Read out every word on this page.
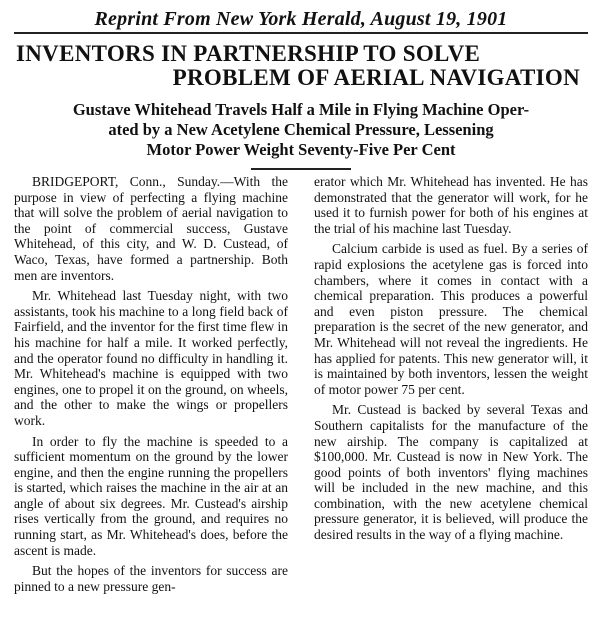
Reprint From New York Herald, August 19, 1901
INVENTORS IN PARTNERSHIP TO SOLVE
PROBLEM OF AERIAL NAVIGATION
Gustave Whitehead Travels Half a Mile in Flying Machine Oper-
ated by a New Acetylene Chemical Pressure, Lessening
Motor Power Weight Seventy-Five Per Cent

BRIDGEPORT, Conn., Sunday.—With the purpose in view of perfecting a flying machine that will solve the problem of aerial navigation to the point of commercial success, Gustave Whitehead, of this city, and W. D. Custead, of Waco, Texas, have formed a partnership. Both men are inventors.

Mr. Whitehead last Tuesday night, with two assistants, took his machine to a long field back of Fairfield, and the inventor for the first time flew in his machine for half a mile. It worked perfectly, and the operator found no difficulty in handling it. Mr. Whitehead's machine is equipped with two engines, one to propel it on the ground, on wheels, and the other to make the wings or propellers work.

In order to fly the machine is speeded to a sufficient momentum on the ground by the lower engine, and then the engine running the propellers is started, which raises the machine in the air at an angle of about six degrees. Mr. Custead's airship rises vertically from the ground, and requires no running start, as Mr. Whitehead's does, before the ascent is made.

But the hopes of the inventors for success are pinned to a new pressure gen-

erator which Mr. Whitehead has invented. He has demonstrated that the generator will work, for he used it to furnish power for both of his engines at the trial of his machine last Tuesday.

Calcium carbide is used as fuel. By a series of rapid explosions the acetylene gas is forced into chambers, where it comes in contact with a chemical preparation. This produces a powerful and even piston pressure. The chemical preparation is the secret of the new generator, and Mr. Whitehead will not reveal the ingredients. He has applied for patents. This new generator will, it is maintained by both inventors, lessen the weight of motor power 75 per cent.

Mr. Custead is backed by several Texas and Southern capitalists for the manufacture of the new airship. The company is capitalized at $100,000. Mr. Custead is now in New York. The good points of both inventors' flying machines will be included in the new machine, and this combination, with the new acetylene chemical pressure generator, it is believed, will produce the desired results in the way of a flying machine.
